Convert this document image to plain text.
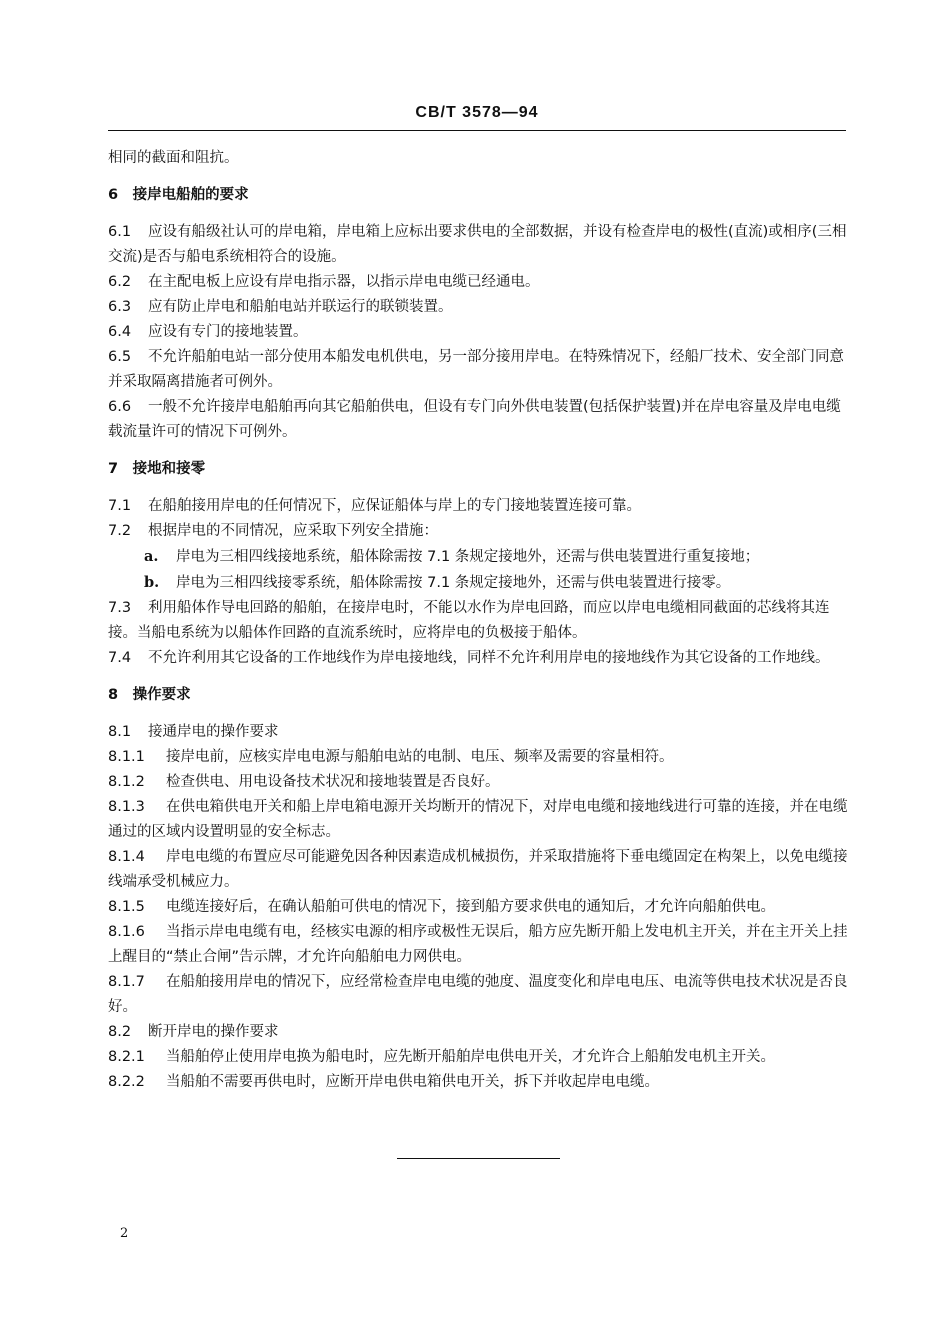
CB/T 3578—94

相同的截面和阻抗。

6　接岸电船舶的要求

6.1 应设有船级社认可的岸电箱，岸电箱上应标出要求供电的全部数据，并设有检查岸电的极性(直流)或相序(三相交流)是否与船电系统相符合的设施。

6.2 在主配电板上应设有岸电指示器，以指示岸电电缆已经通电。

6.3 应有防止岸电和船舶电站并联运行的联锁装置。

6.4 应设有专门的接地装置。

6.5 不允许船舶电站一部分使用本船发电机供电，另一部分接用岸电。在特殊情况下，经船厂技术、安全部门同意并采取隔离措施者可例外。

6.6 一般不允许接岸电船舶再向其它船舶供电，但设有专门向外供电装置(包括保护装置)并在岸电容量及岸电电缆载流量许可的情况下可例外。

7　接地和接零

7.1 在船舶接用岸电的任何情况下，应保证船体与岸上的专门接地装置连接可靠。

7.2 根据岸电的不同情况，应采取下列安全措施：

a. 岸电为三相四线接地系统，船体除需按 7.1 条规定接地外，还需与供电装置进行重复接地；

b. 岸电为三相四线接零系统，船体除需按 7.1 条规定接地外，还需与供电装置进行接零。

7.3 利用船体作导电回路的船舶，在接岸电时，不能以水作为岸电回路，而应以岸电电缆相同截面的芯线将其连接。当船电系统为以船体作回路的直流系统时，应将岸电的负极接于船体。

7.4 不允许利用其它设备的工作地线作为岸电接地线，同样不允许利用岸电的接地线作为其它设备的工作地线。

8　操作要求

8.1 接通岸电的操作要求

8.1.1 接岸电前，应核实岸电电源与船舶电站的电制、电压、频率及需要的容量相符。

8.1.2 检查供电、用电设备技术状况和接地装置是否良好。

8.1.3 在供电箱供电开关和船上岸电箱电源开关均断开的情况下，对岸电电缆和接地线进行可靠的连接，并在电缆通过的区域内设置明显的安全标志。

8.1.4 岸电电缆的布置应尽可能避免因各种因素造成机械损伤，并采取措施将下垂电缆固定在构架上，以免电缆接线端承受机械应力。

8.1.5 电缆连接好后，在确认船舶可供电的情况下，接到船方要求供电的通知后，才允许向船舶供电。

8.1.6 当指示岸电电缆有电，经核实电源的相序或极性无误后，船方应先断开船上发电机主开关，并在主开关上挂上醒目的“禁止合闸”告示牌，才允许向船舶电力网供电。

8.1.7 在船舶接用岸电的情况下，应经常检查岸电电缆的弛度、温度变化和岸电电压、电流等供电技术状况是否良好。

8.2 断开岸电的操作要求

8.2.1 当船舶停止使用岸电换为船电时，应先断开船舶岸电供电开关，才允许合上船舶发电机主开关。

8.2.2 当船舶不需要再供电时，应断开岸电供电箱供电开关，拆下并收起岸电电缆。

2
